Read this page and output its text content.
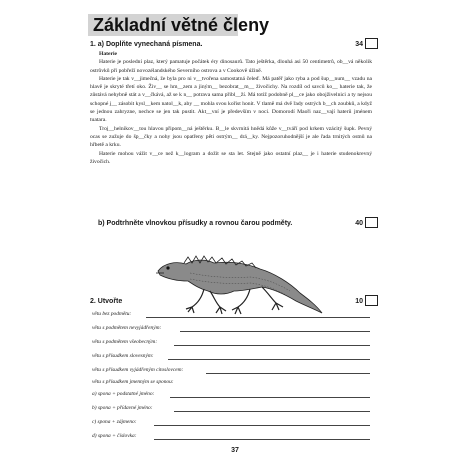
Základní větné členy
1. a) Doplňte vynechaná písmena.	34
Haterie

Haterie je poslední plaz, který pamatuje počátek éry dinosaurů. Tato ještěrka, dlouhá asi 50 centimetrů, ob__vá několik ostrůvků při pobřeží novozélandského Severního ostrova a v Cookově úžině.

Haterie je tak v__jimečná, že byla pro ni v__tvořena samostatná čeleď. Má patěř jako ryba a pod šup__num__ vzadu na hlavě je skryté třetí oko. Živ__ se hm__zem a jiným__ bezobrat__m__ živočichy. Na rozdíl od savců ko__ haterie tak, že zůstává nehybně stát a v__čkává, až se k n__ potrava sama přibl__ží. Má totiž podobně pl__ce jako obojživelnici a ty nejsou schopné j__ zásobit kysl__kem natol__k, aby __ mohla svou kořist honit. V tlamě má dvě řady ostrých b__ch zoubků, a když se jednou zahryzne, nechce se jen tak pustit. Akt__vní je především v noci. Domorodí Maoři naz__vají haterii jménem tuatara.

Troj__helníkov__tou hlavou připom__ná ještěrku. B__le skvrnitá hnědá kůže v__tváří pod krkem vzácitý šupk. Pevný ocas se zužuje do šp__čky a nohy jsou opatřeny pěti ostrým__ drá__ky. Nejpozoruhodnější je ale řada trnitých ostnů na hřbetě a krku.

Haterie mohou vážit v__ce než k__logram a dožít se sta let. Stejně jako ostatní plaz__ je i haterie studenokrevný živočich.

b) Podtrhněte vlnovkou přísudky a rovnou čarou podměty.	40
2. Utvořte	10
větu bez podmětu:
větu s podmětem nevyjádřeným:
větu s podmětem všeobecným:
větu s přísudkem slovesným:
větu s přísudkem vyjádřeným citoslovcem:
větu s přísudkem jmenným se sponou:
a) spona + podstatné jméno:
b) spona + přídavné jméno:
c) spona + zájmeno:
d) spona + číslovka:
37
